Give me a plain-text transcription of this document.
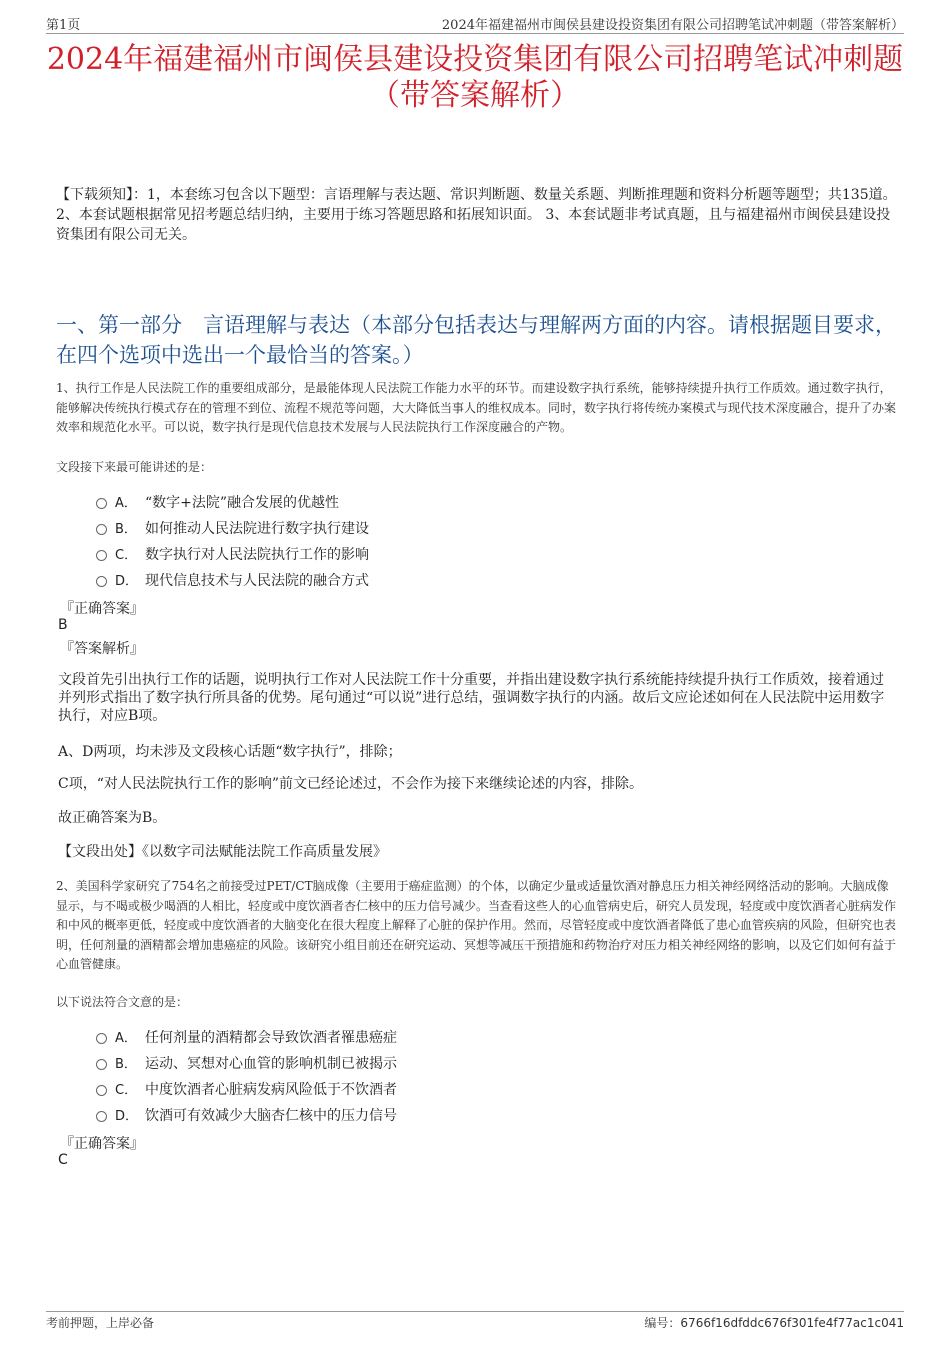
第1页	2024年福建福州市闽侯县建设投资集团有限公司招聘笔试冲刺题（带答案解析）
2024年福建福州市闽侯县建设投资集团有限公司招聘笔试冲刺题（带答案解析）
【下载须知】：1，本套练习包含以下题型：言语理解与表达题、常识判断题、数量关系题、判断推理题和资料分析题等题型；共135道。 2、本套试题根据常见招考题总结归纳，主要用于练习答题思路和拓展知识面。 3、本套试题非考试真题，且与福建福州市闽侯县建设投资集团有限公司无关。
一、第一部分　言语理解与表达（本部分包括表达与理解两方面的内容。请根据题目要求，在四个选项中选出一个最恰当的答案。）
1、执行工作是人民法院工作的重要组成部分，是最能体现人民法院工作能力水平的环节。而建设数字执行系统，能够持续提升执行工作质效。通过数字执行，能够解决传统执行模式存在的管理不到位、流程不规范等问题，大大降低当事人的维权成本。同时，数字执行将传统办案模式与现代技术深度融合，提升了办案效率和规范化水平。可以说，数字执行是现代信息技术发展与人民法院执行工作深度融合的产物。
文段接下来最可能讲述的是：
A． “数字+法院”融合发展的优越性
B． 如何推动人民法院进行数字执行建设
C． 数字执行对人民法院执行工作的影响
D． 现代信息技术与人民法院的融合方式
『正确答案』
B
『答案解析』
文段首先引出执行工作的话题，说明执行工作对人民法院工作十分重要，并指出建设数字执行系统能持续提升执行工作质效，接着通过并列形式指出了数字执行所具备的优势。尾句通过“可以说”进行总结，强调数字执行的内涵。故后文应论述如何在人民法院中运用数字执行，对应B项。
A、D两项，均未涉及文段核心话题“数字执行”，排除；
C项，“对人民法院执行工作的影响”前文已经论述过，不会作为接下来继续论述的内容，排除。
故正确答案为B。
【文段出处】《以数字司法赋能法院工作高质量发展》
2、美国科学家研究了754名之前接受过PET/CT脑成像（主要用于癌症监测）的个体，以确定少量或适量饮酒对静息压力相关神经网络活动的影响。大脑成像显示，与不喝或极少喝酒的人相比，轻度或中度饮酒者杏仁核中的压力信号减少。当查看这些人的心血管病史后，研究人员发现，轻度或中度饮酒者心脏病发作和中风的概率更低，轻度或中度饮酒者的大脑变化在很大程度上解释了心脏的保护作用。然而，尽管轻度或中度饮酒者降低了患心血管疾病的风险，但研究也表明，任何剂量的酒精都会增加患癌症的风险。该研究小组目前还在研究运动、冥想等减压干预措施和药物治疗对压力相关神经网络的影响，以及它们如何有益于心血管健康。
以下说法符合文意的是：
A． 任何剂量的酒精都会导致饮酒者罹患癌症
B． 运动、冥想对心血管的影响机制已被揭示
C． 中度饮酒者心脏病发病风险低于不饮酒者
D． 饮酒可有效减少大脑杏仁核中的压力信号
『正确答案』
C
考前押题，上岸必备	编号：6766f16dfddc676f301fe4f77ac1c041
